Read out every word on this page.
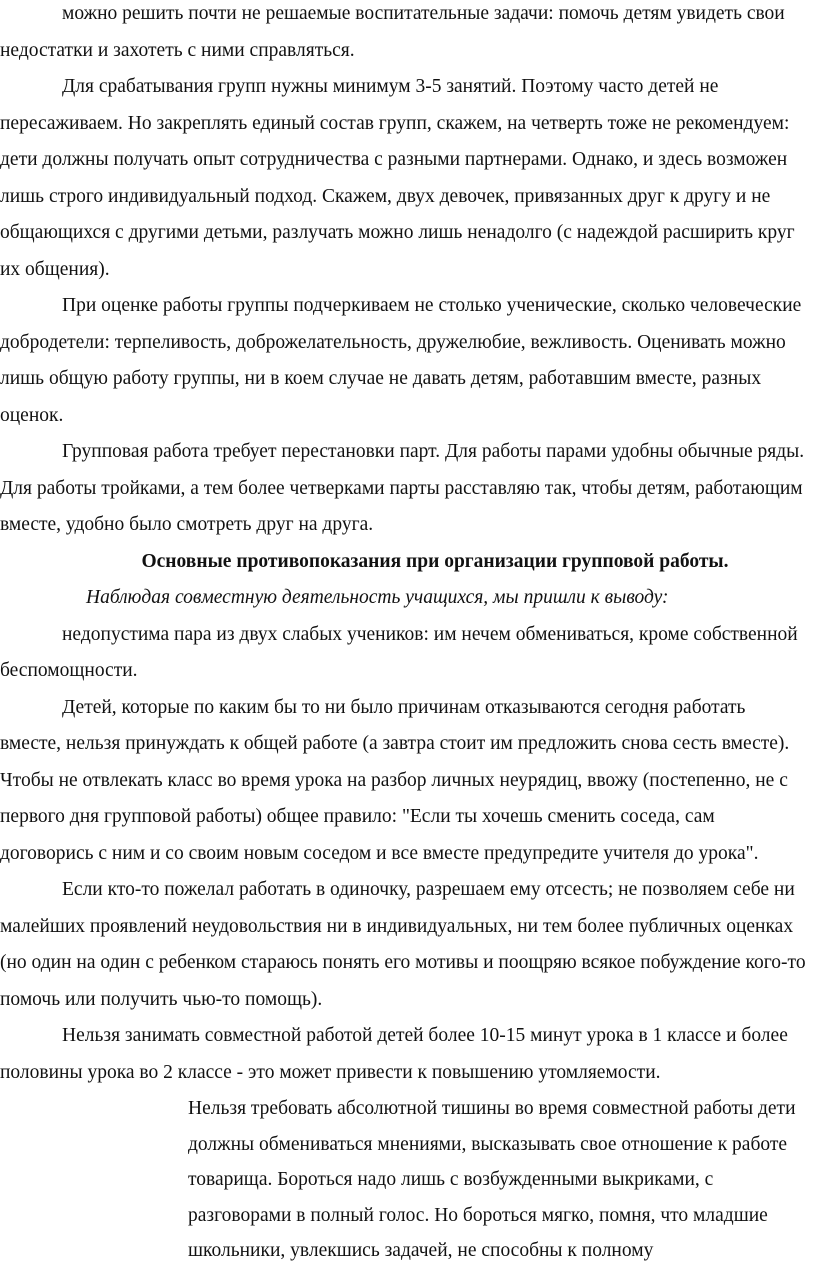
можно решить почти не решаемые воспитательные задачи: помочь детям увидеть свои недостатки и захотеть с ними справляться.

Для срабатывания групп нужны минимум 3-5 занятий. Поэтому часто детей не пересаживаем. Но закреплять единый состав групп, скажем, на четверть тоже не рекомендуем: дети должны получать опыт сотрудничества с разными партнерами. Однако, и здесь возможен лишь строго индивидуальный подход. Скажем, двух девочек, привязанных друг к другу и не общающихся с другими детьми, разлучать можно лишь ненадолго (с надеждой расширить круг их общения).

При оценке работы группы подчеркиваем не столько ученические, сколько человеческие добродетели: терпеливость, доброжелательность, дружелюбие, вежливость. Оценивать можно лишь общую работу группы, ни в коем случае не давать детям, работавшим вместе, разных оценок.

Групповая работа требует перестановки парт. Для работы парами удобны обычные ряды. Для работы тройками, а тем более четверками парты расставляю так, чтобы детям, работающим вместе, удобно было смотреть друг на друга.

Основные противопоказания при организации групповой работы.

Наблюдая совместную деятельность учащихся, мы пришли к выводу:

недопустима пара из двух слабых учеников: им нечем обмениваться, кроме собственной беспомощности.

Детей, которые по каким бы то ни было причинам отказываются сегодня работать вместе, нельзя принуждать к общей работе (а завтра стоит им предложить снова сесть вместе). Чтобы не отвлекать класс во время урока на разбор личных неурядиц, ввожу (постепенно, не с первого дня групповой работы) общее правило: "Если ты хочешь сменить соседа, сам договорись с ним и со своим новым соседом и все вместе предупредите учителя до урока".

Если кто-то пожелал работать в одиночку, разрешаем ему отсесть; не позволяем себе ни малейших проявлений неудовольствия ни в индивидуальных, ни тем более публичных оценках (но один на один с ребенком стараюсь понять его мотивы и поощряю всякое побуждение кого-то помочь или получить чью-то помощь).

Нельзя занимать совместной работой детей более 10-15 минут урока в 1 классе и более половины урока во 2 классе - это может привести к повышению утомляемости.

Нельзя требовать абсолютной тишины во время совместной работы дети должны обмениваться мнениями, высказывать свое отношение к работе товарища. Бороться надо лишь с возбужденными выкриками, с разговорами в полный голос. Но бороться мягко, помня, что младшие школьники, увлекшись задачей, не способны к полному
